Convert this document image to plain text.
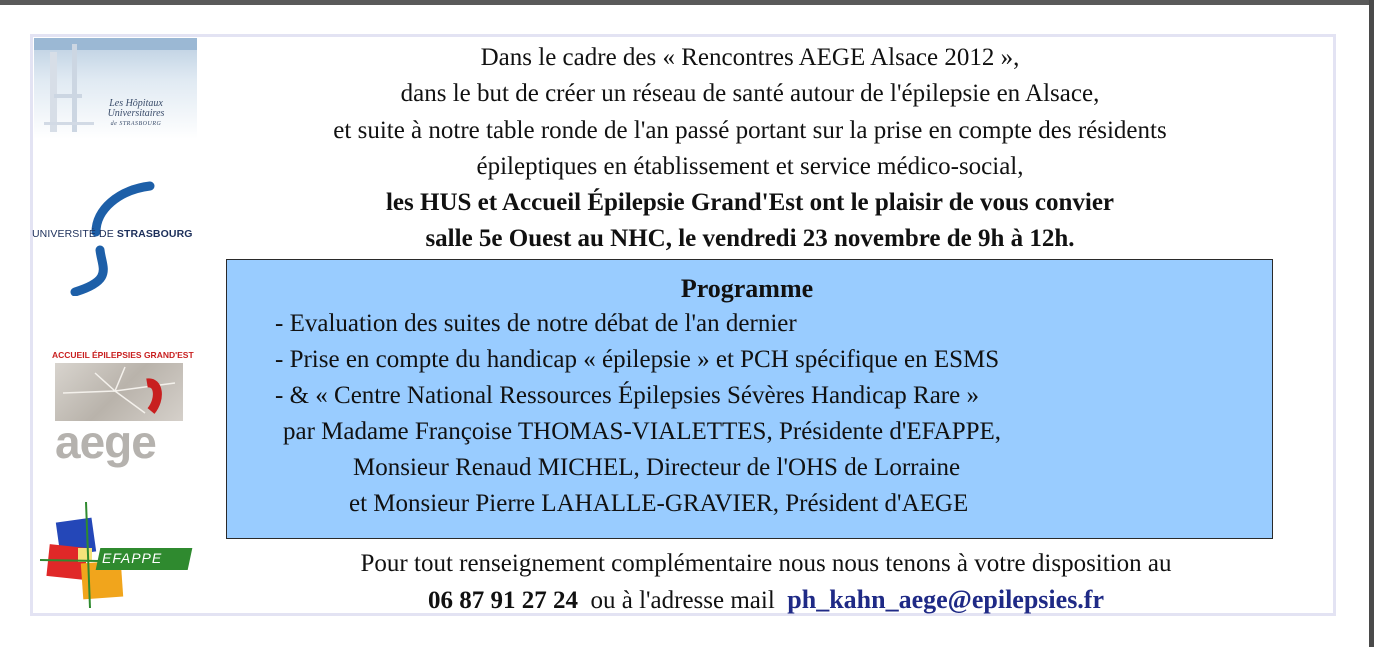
Les Hôpitaux
Universitaires
de STRASBOURG
UNIVERSITÉ DE STRASBOURG
ACCUEIL ÉPILEPSIES GRAND'EST
aege
EFAPPE
Dans le cadre des « Rencontres AEGE Alsace 2012 »,
dans le but de créer un réseau de santé autour de l'épilepsie en Alsace,
et suite à notre table ronde de l'an passé portant sur la prise en compte des résidents
épileptiques en établissement et service médico-social,
les HUS et Accueil Épilepsie Grand'Est ont le plaisir de vous convier
salle 5e Ouest au NHC, le vendredi 23 novembre de 9h à 12h.
Programme
- Evaluation des suites de notre débat de l'an dernier
- Prise en compte du handicap « épilepsie » et PCH spécifique en ESMS
- & « Centre National Ressources Épilepsies Sévères Handicap Rare »
par Madame Françoise THOMAS-VIALETTES, Présidente d'EFAPPE,
Monsieur Renaud MICHEL, Directeur de l'OHS de Lorraine
et Monsieur Pierre LAHALLE-GRAVIER, Président d'AEGE
Pour tout renseignement complémentaire nous nous tenons à votre disposition au
06 87 91 27 24 ou à l'adresse mail ph_kahn_aege@epilepsies.fr
